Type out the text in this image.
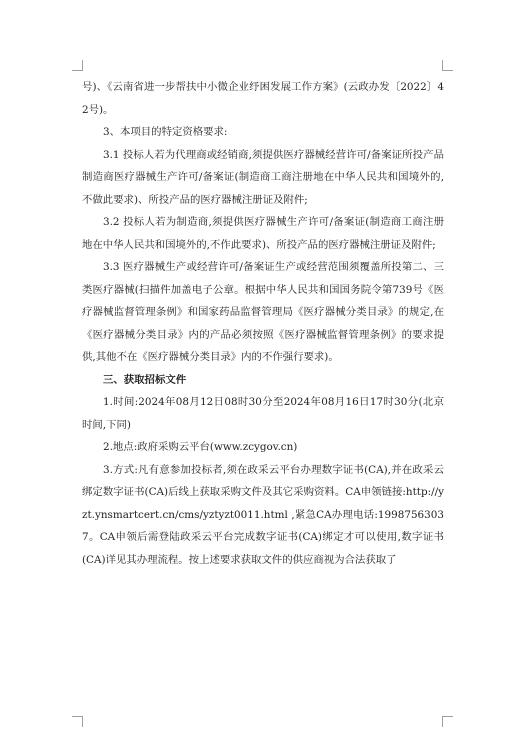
号)、《云南省进一步帮扶中小微企业纾困发展工作方案》(云政办发〔2022〕42号)。

3、本项目的特定资格要求:

3.1 投标人若为代理商或经销商,须提供医疗器械经营许可/备案证所投产品制造商医疗器械生产许可/备案证(制造商工商注册地在中华人民共和国境外的,不做此要求)、所投产品的医疗器械注册证及附件;

3.2 投标人若为制造商,须提供医疗器械生产许可/备案证(制造商工商注册地在中华人民共和国境外的,不作此要求)、所投产品的医疗器械注册证及附件;

3.3 医疗器械生产或经营许可/备案证生产或经营范围须覆盖所投第二、三类医疗器械(扫描件加盖电子公章。根据中华人民共和国国务院令第739号《医疗器械监督管理条例》和国家药品监督管理局《医疗器械分类目录》的规定,在《医疗器械分类目录》内的产品必须按照《医疗器械监督管理条例》的要求提供,其他不在《医疗器械分类目录》内的不作强行要求)。

三、获取招标文件

1.时间:2024年08月12日08时30分至2024年08月16日17时30分(北京时间,下同)

2.地点:政府采购云平台(www.zcygov.cn)

3.方式:凡有意参加投标者,须在政采云平台办理数字证书(CA),并在政采云绑定数字证书(CA)后线上获取采购文件及其它采购资料。CA申领链接:http://yzt.ynsmartcert.cn/cms/yztyzt0011.html ,紧急CA办理电话:19987563037。CA申领后需登陆政采云平台完成数字证书(CA)绑定才可以使用,数字证书(CA)详见其办理流程。按上述要求获取文件的供应商视为合法获取了
